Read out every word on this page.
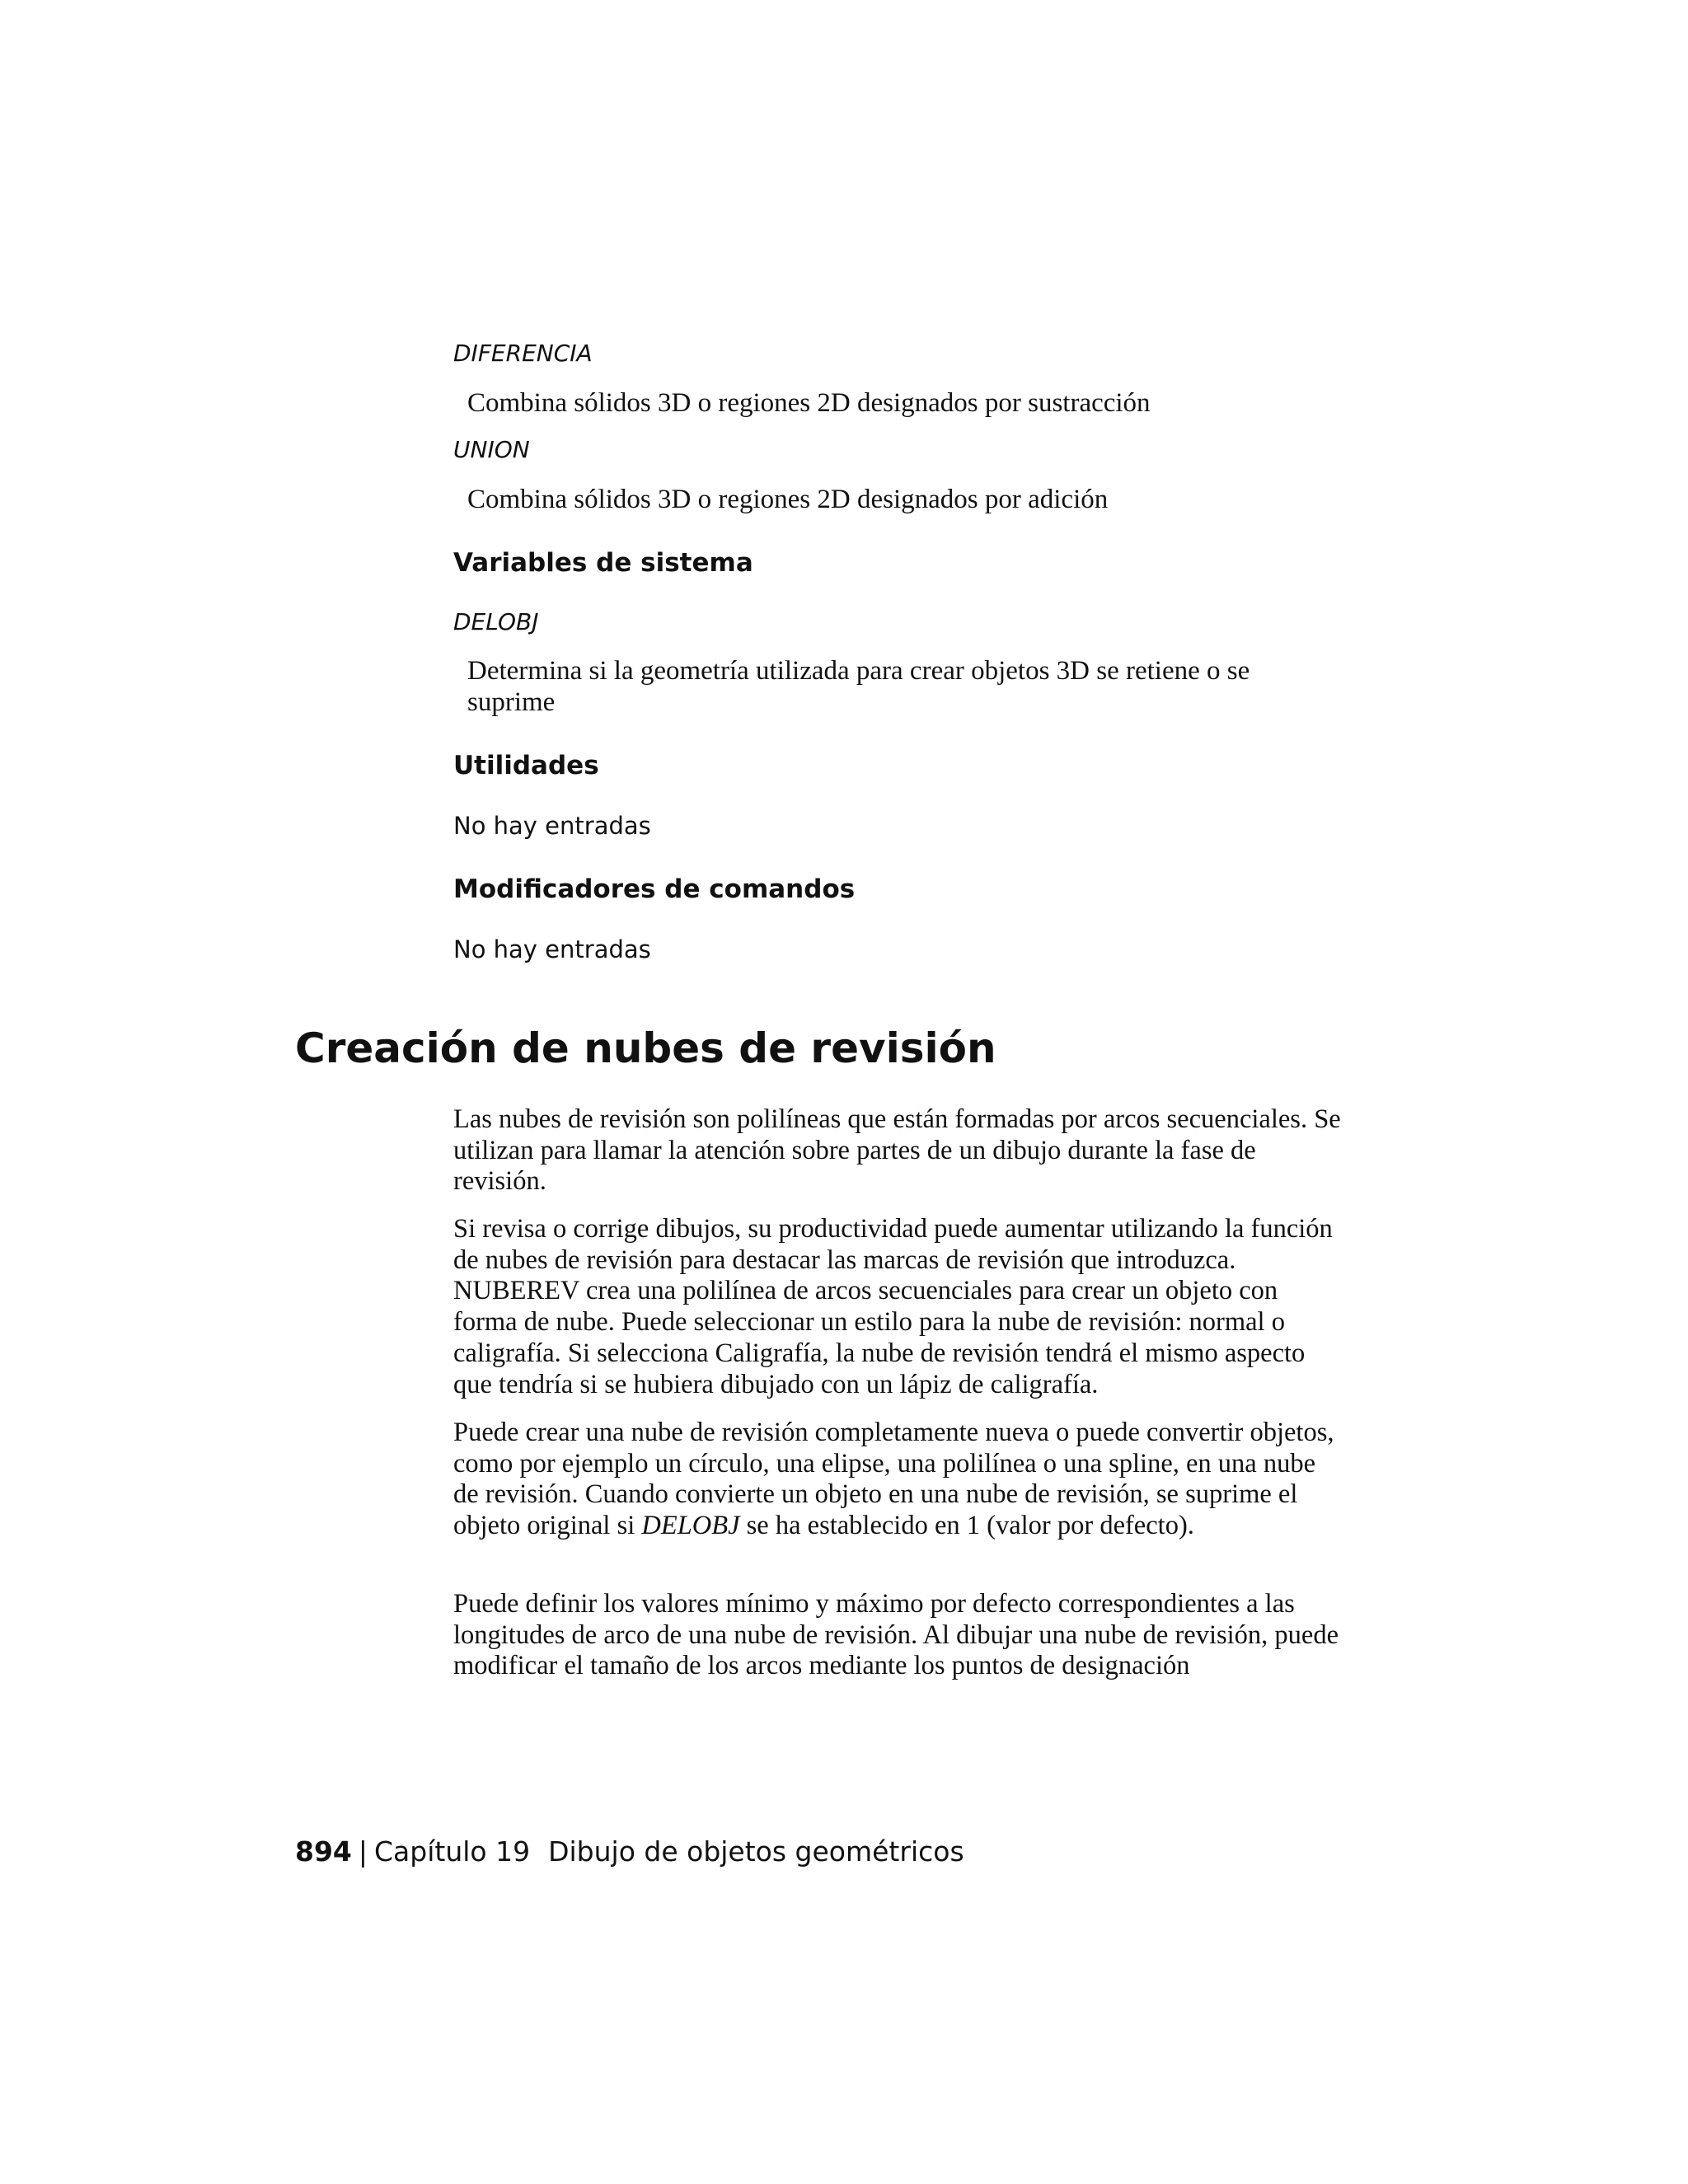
DIFERENCIA
Combina sólidos 3D o regiones 2D designados por sustracción
UNION
Combina sólidos 3D o regiones 2D designados por adición
Variables de sistema
DELOBJ
Determina si la geometría utilizada para crear objetos 3D se retiene o se suprime
Utilidades
No hay entradas
Modificadores de comandos
No hay entradas
Creación de nubes de revisión

Las nubes de revisión son polilíneas que están formadas por arcos secuenciales. Se utilizan para llamar la atención sobre partes de un dibujo durante la fase de revisión.

Si revisa o corrige dibujos, su productividad puede aumentar utilizando la función de nubes de revisión para destacar las marcas de revisión que introduzca. NUBEREV crea una polilínea de arcos secuenciales para crear un objeto con forma de nube. Puede seleccionar un estilo para la nube de revisión: normal o caligrafía. Si selecciona Caligrafía, la nube de revisión tendrá el mismo aspecto que tendría si se hubiera dibujado con un lápiz de caligrafía.

Puede crear una nube de revisión completamente nueva o puede convertir objetos, como por ejemplo un círculo, una elipse, una polilínea o una spline, en una nube de revisión. Cuando convierte un objeto en una nube de revisión, se suprime el objeto original si DELOBJ se ha establecido en 1 (valor por defecto).

Puede definir los valores mínimo y máximo por defecto correspondientes a las longitudes de arco de una nube de revisión. Al dibujar una nube de revisión, puede modificar el tamaño de los arcos mediante los puntos de designación

894 | Capítulo 19 Dibujo de objetos geométricos
